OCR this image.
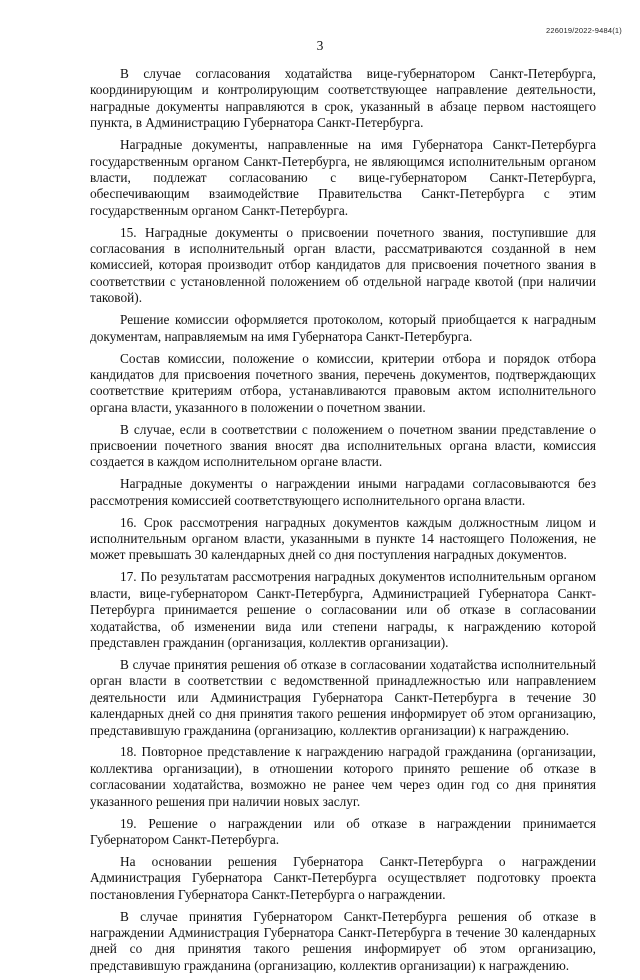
226019/2022-9484(1)
3

В случае согласования ходатайства вице-губернатором Санкт-Петербурга, координирующим и контролирующим соответствующее направление деятельности, наградные документы направляются в срок, указанный в абзаце первом настоящего пункта, в Администрацию Губернатора Санкт-Петербурга.

Наградные документы, направленные на имя Губернатора Санкт-Петербурга государственным органом Санкт-Петербурга, не являющимся исполнительным органом власти, подлежат согласованию с вице-губернатором Санкт-Петербурга, обеспечивающим взаимодействие Правительства Санкт-Петербурга с этим государственным органом Санкт-Петербурга.

15. Наградные документы о присвоении почетного звания, поступившие для согласования в исполнительный орган власти, рассматриваются созданной в нем комиссией, которая производит отбор кандидатов для присвоения почетного звания в соответствии с установленной положением об отдельной награде квотой (при наличии таковой).

Решение комиссии оформляется протоколом, который приобщается к наградным документам, направляемым на имя Губернатора Санкт-Петербурга.

Состав комиссии, положение о комиссии, критерии отбора и порядок отбора кандидатов для присвоения почетного звания, перечень документов, подтверждающих соответствие критериям отбора, устанавливаются правовым актом исполнительного органа власти, указанного в положении о почетном звании.

В случае, если в соответствии с положением о почетном звании представление о присвоении почетного звания вносят два исполнительных органа власти, комиссия создается в каждом исполнительном органе власти.

Наградные документы о награждении иными наградами согласовываются без рассмотрения комиссией соответствующего исполнительного органа власти.

16. Срок рассмотрения наградных документов каждым должностным лицом и исполнительным органом власти, указанными в пункте 14 настоящего Положения, не может превышать 30 календарных дней со дня поступления наградных документов.

17. По результатам рассмотрения наградных документов исполнительным органом власти, вице-губернатором Санкт-Петербурга, Администрацией Губернатора Санкт-Петербурга принимается решение о согласовании или об отказе в согласовании ходатайства, об изменении вида или степени награды, к награждению которой представлен гражданин (организация, коллектив организации).

В случае принятия решения об отказе в согласовании ходатайства исполнительный орган власти в соответствии с ведомственной принадлежностью или направлением деятельности или Администрация Губернатора Санкт-Петербурга в течение 30 календарных дней со дня принятия такого решения информирует об этом организацию, представившую гражданина (организацию, коллектив организации) к награждению.

18. Повторное представление к награждению наградой гражданина (организации, коллектива организации), в отношении которого принято решение об отказе в согласовании ходатайства, возможно не ранее чем через один год со дня принятия указанного решения при наличии новых заслуг.

19. Решение о награждении или об отказе в награждении принимается Губернатором Санкт-Петербурга.

На основании решения Губернатора Санкт-Петербурга о награждении Администрация Губернатора Санкт-Петербурга осуществляет подготовку проекта постановления Губернатора Санкт-Петербурга о награждении.

В случае принятия Губернатором Санкт-Петербурга решения об отказе в награждении Администрация Губернатора Санкт-Петербурга в течение 30 календарных дней со дня принятия такого решения информирует об этом организацию, представившую гражданина (организацию, коллектив организации) к награждению.
